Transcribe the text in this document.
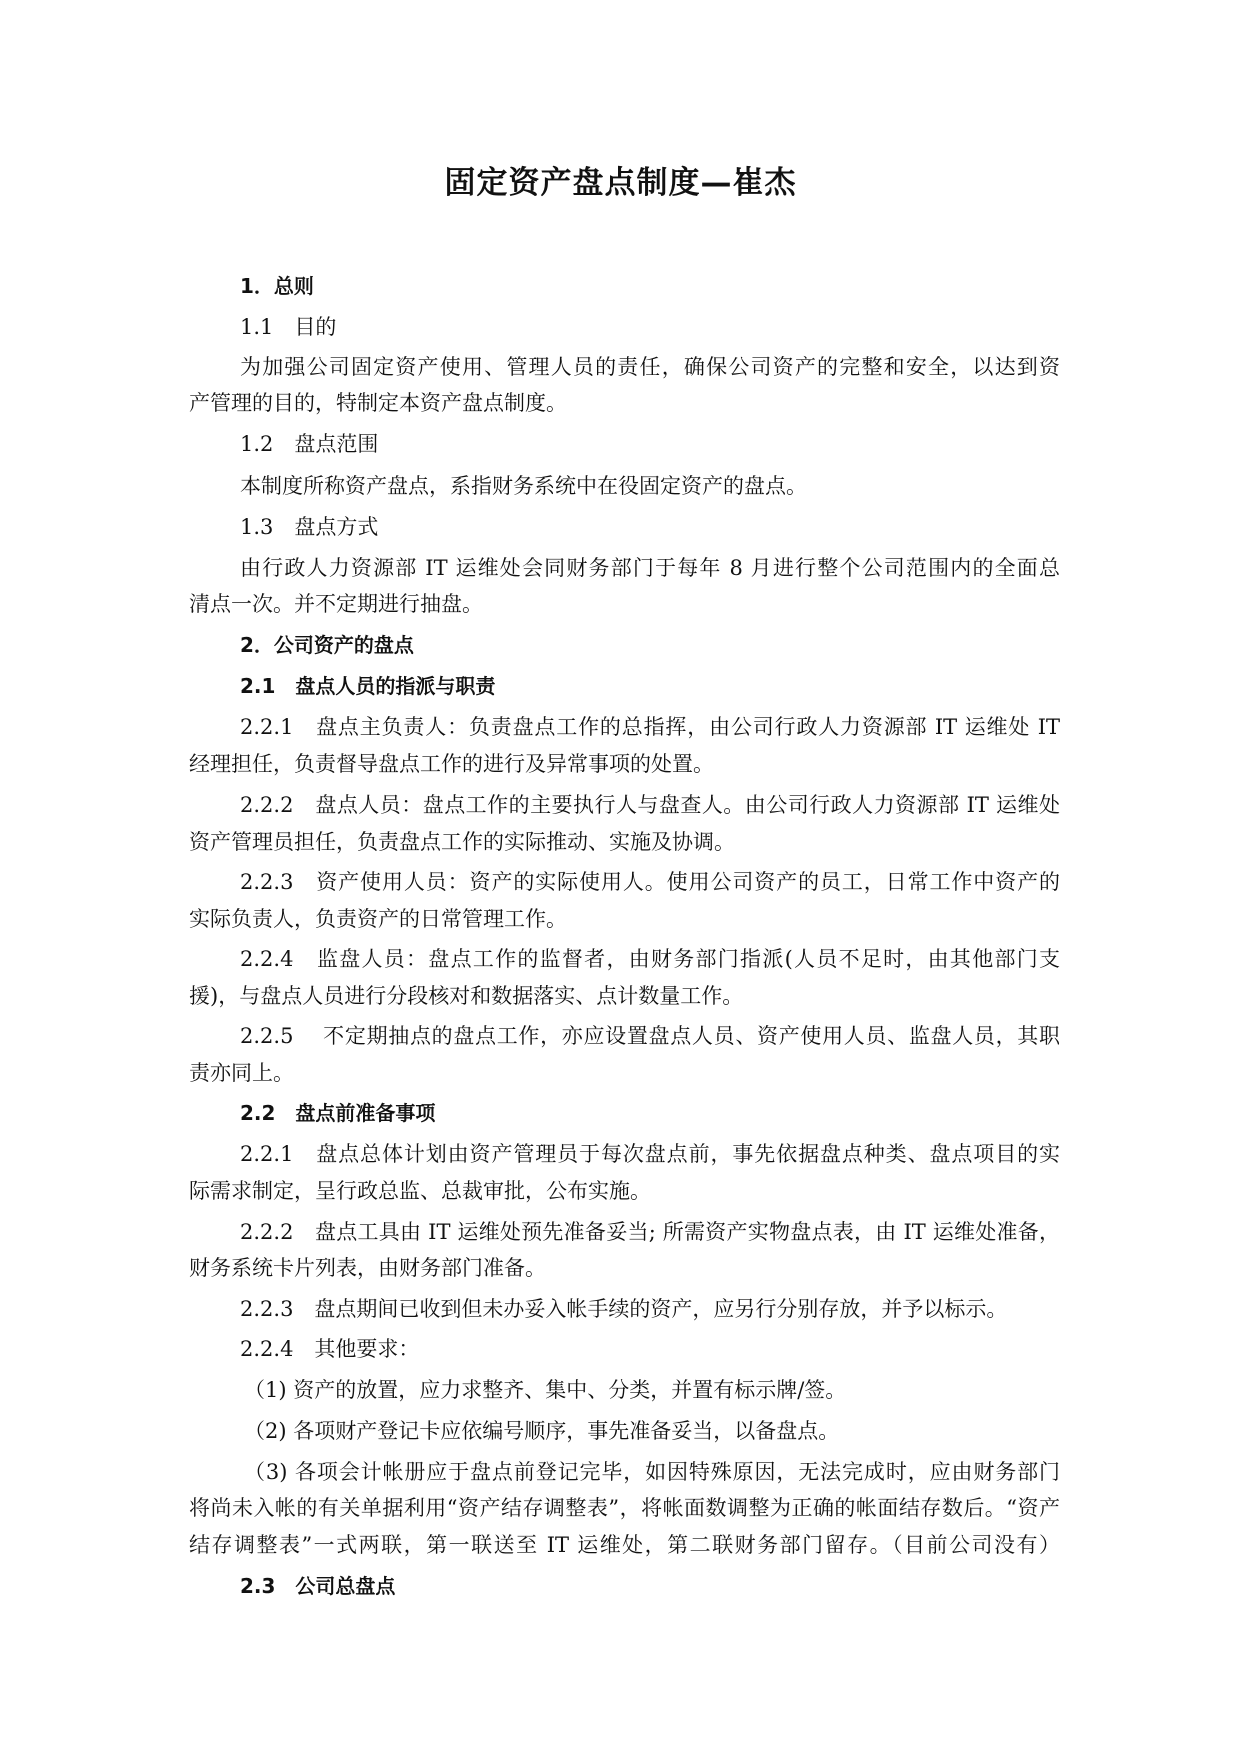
固定资产盘点制度—崔杰
1．总则
1.1　目的
为加强公司固定资产使用、管理人员的责任，确保公司资产的完整和安全，以达到资
产管理的目的，特制定本资产盘点制度。
1.2　盘点范围
本制度所称资产盘点，系指财务系统中在役固定资产的盘点。
1.3　盘点方式
由行政人力资源部 IT 运维处会同财务部门于每年 8 月进行整个公司范围内的全面总
清点一次。并不定期进行抽盘。
2．公司资产的盘点
2.1　盘点人员的指派与职责
2.2.1　盘点主负责人：负责盘点工作的总指挥，由公司行政人力资源部 IT 运维处 IT
经理担任，负责督导盘点工作的进行及异常事项的处置。
2.2.2　盘点人员：盘点工作的主要执行人与盘查人。由公司行政人力资源部 IT 运维处
资产管理员担任，负责盘点工作的实际推动、实施及协调。
2.2.3　资产使用人员：资产的实际使用人。使用公司资产的员工，日常工作中资产的
实际负责人，负责资产的日常管理工作。
2.2.4　监盘人员：盘点工作的监督者，由财务部门指派(人员不足时，由其他部门支
援)，与盘点人员进行分段核对和数据落实、点计数量工作。
2.2.5　 不定期抽点的盘点工作，亦应设置盘点人员、资产使用人员、监盘人员，其职
责亦同上。
2.2　盘点前准备事项
2.2.1　盘点总体计划由资产管理员于每次盘点前，事先依据盘点种类、盘点项目的实
际需求制定，呈行政总监、总裁审批，公布实施。
2.2.2　盘点工具由 IT 运维处预先准备妥当; 所需资产实物盘点表，由 IT 运维处准备，
财务系统卡片列表，由财务部门准备。
2.2.3　盘点期间已收到但未办妥入帐手续的资产，应另行分别存放，并予以标示。
2.2.4　其他要求：
（1) 资产的放置，应力求整齐、集中、分类，并置有标示牌/签。
（2) 各项财产登记卡应依编号顺序，事先准备妥当，以备盘点。
（3) 各项会计帐册应于盘点前登记完毕，如因特殊原因，无法完成时，应由财务部门
将尚未入帐的有关单据利用“资产结存调整表”，将帐面数调整为正确的帐面结存数后。“资产
结存调整表”一式两联，第一联送至 IT 运维处，第二联财务部门留存。（目前公司没有）
2.3　公司总盘点
